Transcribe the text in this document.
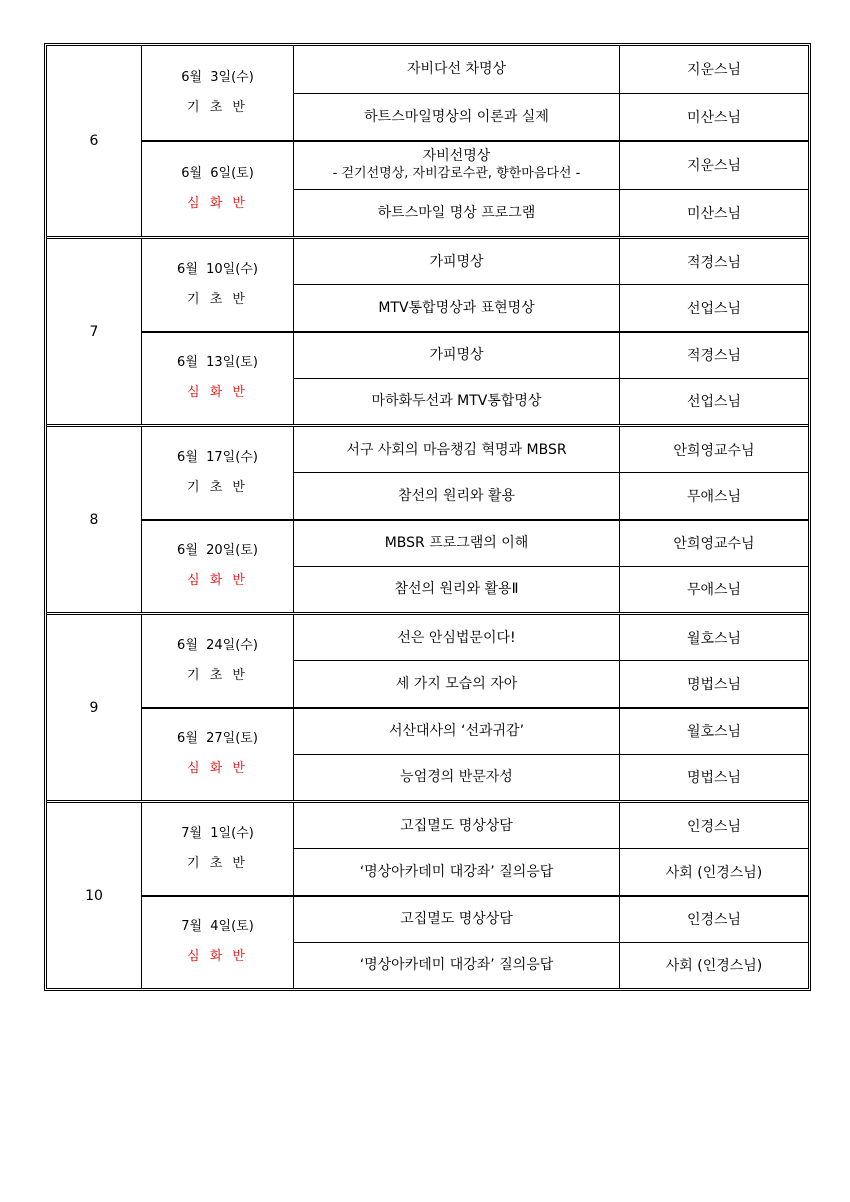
6
6월  3일(수)
기 초 반
자비다선 차명상	지운스님
하트스마일명상의 이론과 실제	미산스님
6월  6일(토)
심 화 반
자비선명상
- 걷기선명상, 자비감로수관, 향한마음다선 -	지운스님
하트스마일 명상 프로그램	미산스님
7
6월  10일(수)
기 초 반
가피명상	적경스님
MTV통합명상과 표현명상	선업스님
6월  13일(토)
심 화 반
가피명상	적경스님
마하화두선과 MTV통합명상	선업스님
8
6월  17일(수)
기 초 반
서구 사회의 마음챙김 혁명과 MBSR	안희영교수님
참선의 원리와 활용	무애스님
6월  20일(토)
심 화 반
MBSR 프로그램의 이해	안희영교수님
참선의 원리와 활용Ⅱ	무애스님
9
6월  24일(수)
기 초 반
선은 안심법문이다!	월호스님
세 가지 모습의 자아	명법스님
6월  27일(토)
심 화 반
서산대사의 ‘선과귀감’	월호스님
능엄경의 반문자성	명법스님
10
7월  1일(수)
기 초 반
고집멸도 명상상담	인경스님
‘명상아카데미 대강좌’ 질의응답	사회 (인경스님)
7월  4일(토)
심 화 반
고집멸도 명상상담	인경스님
‘명상아카데미 대강좌’ 질의응답	사회 (인경스님)
